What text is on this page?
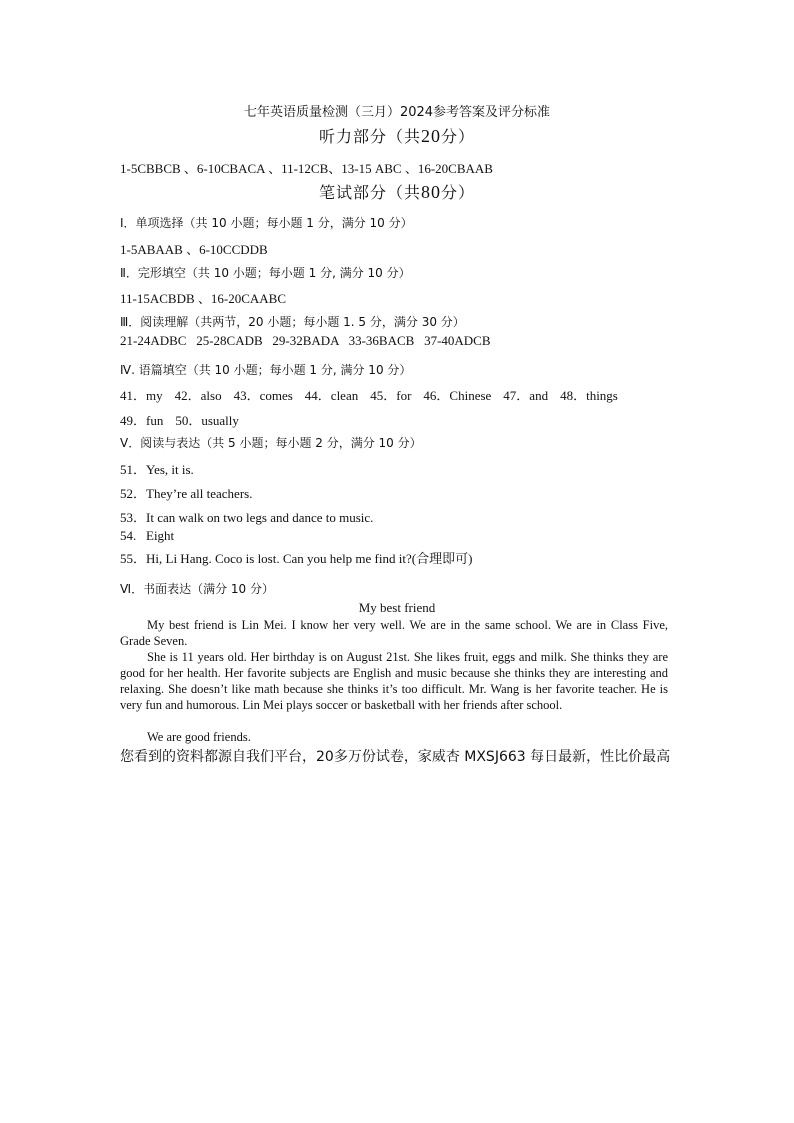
七年英语质量检测（三月）2024参考答案及评分标准
听力部分（共20分）
1-5CBBCB 、6-10CBACA 、11-12CB、13-15 ABC 、16-20CBAAB
笔试部分（共80分）
I．单项选择（共 10 小题；每小题 1 分，满分 10 分）
1-5ABAAB 、6-10CCDDB
Ⅱ．完形填空（共 10 小题；每小题 1 分, 满分 10 分）
11-15ACBDB 、16-20CAABC
Ⅲ．阅读理解（共两节，20 小题；每小题 1. 5 分，满分 30 分）
21-24ADBC   25-28CADB   29-32BADA   33-36BACB   37-40ADCB
Ⅳ. 语篇填空（共 10 小题；每小题 1 分, 满分 10 分）
41．my 42．also 43．comes 44．clean 45．for 46．Chinese 47．and 48．things
49．fun 50．usually
V．阅读与表达（共 5 小题；每小题 2 分，满分 10 分）
51．Yes, it is.
52．They’re all teachers.
53．It can walk on two legs and dance to music.
54.   Eight
55．Hi, Li Hang. Coco is lost. Can you help me find it?(合理即可)
Ⅵ．书面表达（满分 10 分）
My best friend
My best friend is Lin Mei. I know her very well. We are in the same school. We are in Class Five, Grade Seven.
She is 11 years old. Her birthday is on August 21st. She likes fruit, eggs and milk. She thinks they are good for her health. Her favorite subjects are English and music because she thinks they are interesting and relaxing. She doesn’t like math because she thinks it’s too difficult. Mr. Wang is her favorite teacher. He is very fun and humorous. Lin Mei plays soccer or basketball with her friends after school.
We are good friends.
您看到的资料都源自我们平台，20多万份试卷，家威杏 MXSJ663 每日最新，性比价最高
